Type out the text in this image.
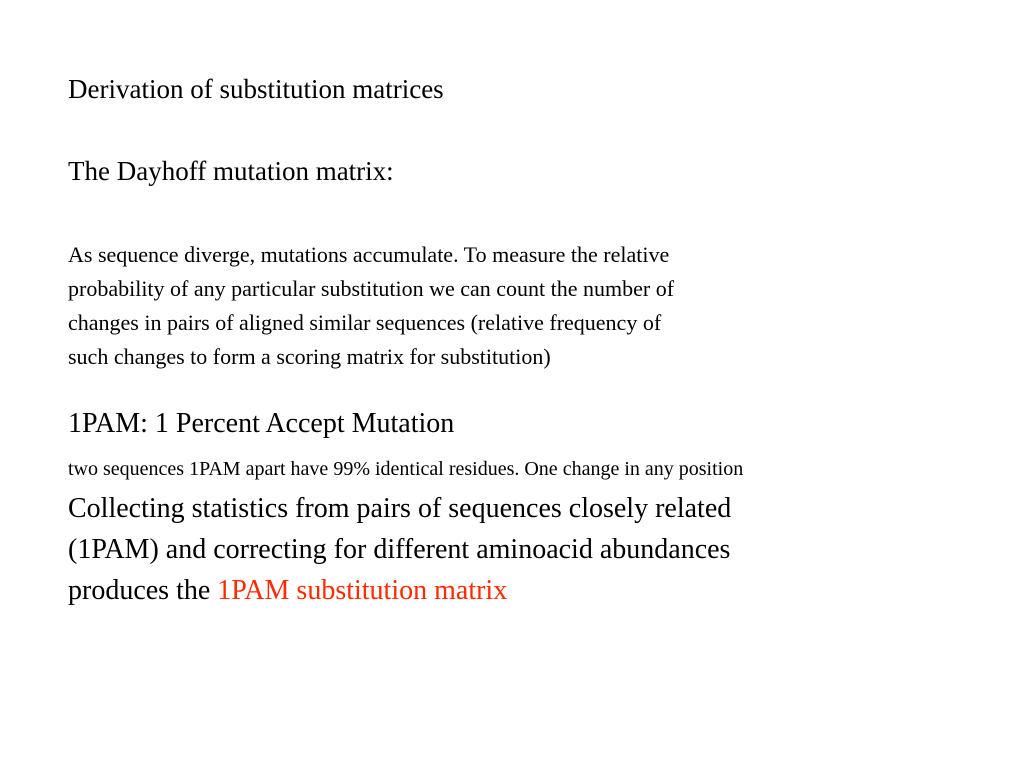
Derivation of substitution matrices
The Dayhoff mutation matrix:
As sequence diverge, mutations accumulate. To measure the relative
probability of any particular substitution we can count the number of
changes in pairs of aligned similar sequences (relative frequency of
such changes to form a scoring matrix for substitution)
1PAM: 1 Percent Accept Mutation
two sequences 1PAM apart have 99% identical residues. One change in any position
Collecting statistics from pairs of sequences closely related
(1PAM) and correcting for different aminoacid abundances
produces the 1PAM substitution matrix
